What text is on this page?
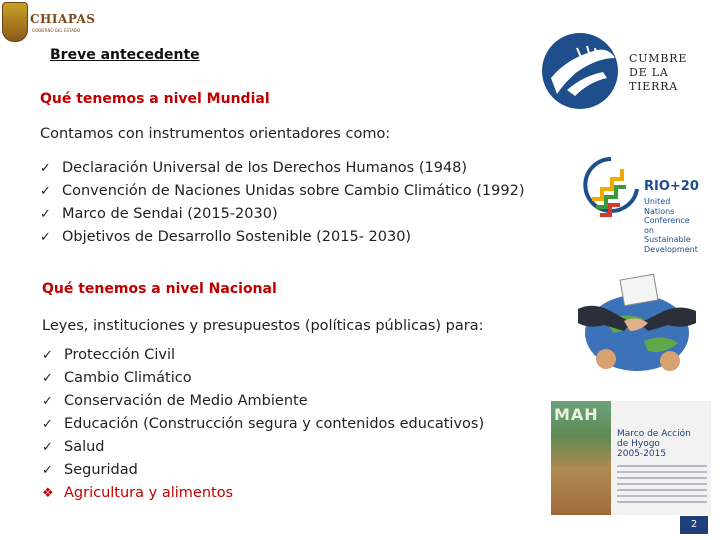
CHIAPAS
GOBIERNO DEL ESTADO
Breve antecedente
Qué tenemos a nivel Mundial
Contamos con instrumentos orientadores como:
✓ Declaración Universal de los Derechos Humanos (1948)
✓ Convención de Naciones Unidas sobre Cambio Climático (1992)
✓ Marco de Sendai (2015-2030)
✓ Objetivos de Desarrollo Sostenible (2015- 2030)
Qué tenemos a nivel Nacional
Leyes, instituciones y presupuestos (políticas públicas) para:
✓ Protección Civil
✓ Cambio Climático
✓ Conservación de Medio Ambiente
✓ Educación (Construcción segura y contenidos educativos)
✓ Salud
✓ Seguridad
❖ Agricultura y alimentos
CUMBRE
DE LA
TIERRA
RIO+20
United Nations
Conference on
Sustainable
Development
MAH
Marco de Acción
de Hyogo
2005-2015
2
